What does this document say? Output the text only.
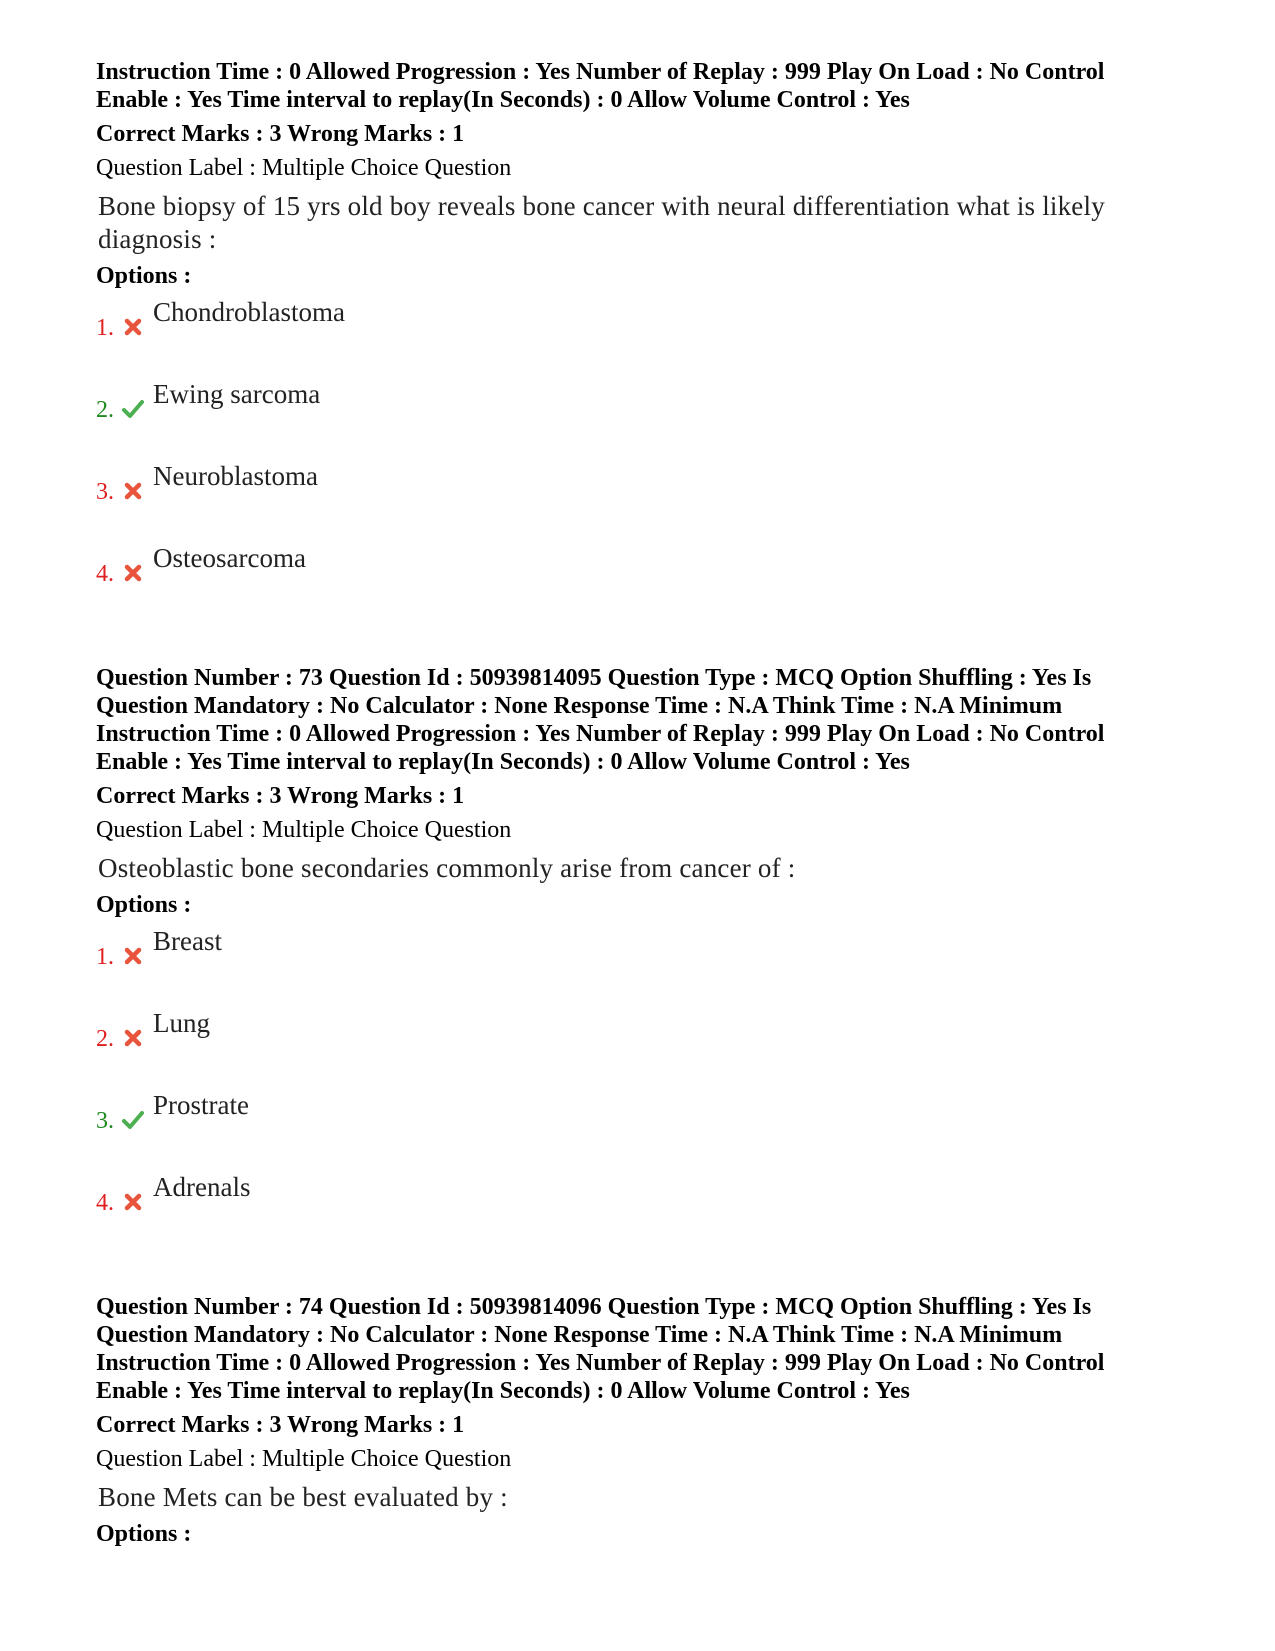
Instruction Time : 0 Allowed Progression : Yes Number of Replay : 999 Play On Load : No Control

Enable : Yes Time interval to replay(In Seconds) : 0 Allow Volume Control : Yes

Correct Marks : 3 Wrong Marks : 1

Question Label : Multiple Choice Question

Bone biopsy of 15 yrs old boy reveals bone cancer with neural differentiation what is likely diagnosis :

Options :

1.
Chondroblastoma
2.
Ewing sarcoma
3.
Neuroblastoma
4.
Osteosarcoma

Question Number : 73 Question Id : 50939814095 Question Type : MCQ Option Shuffling : Yes Is

Question Mandatory : No Calculator : None Response Time : N.A Think Time : N.A Minimum

Instruction Time : 0 Allowed Progression : Yes Number of Replay : 999 Play On Load : No Control

Enable : Yes Time interval to replay(In Seconds) : 0 Allow Volume Control : Yes

Correct Marks : 3 Wrong Marks : 1

Question Label : Multiple Choice Question

Osteoblastic bone secondaries commonly arise from cancer of :

Options :

1.
Breast
2.
Lung
3.
Prostrate
4.
Adrenals

Question Number : 74 Question Id : 50939814096 Question Type : MCQ Option Shuffling : Yes Is

Question Mandatory : No Calculator : None Response Time : N.A Think Time : N.A Minimum

Instruction Time : 0 Allowed Progression : Yes Number of Replay : 999 Play On Load : No Control

Enable : Yes Time interval to replay(In Seconds) : 0 Allow Volume Control : Yes

Correct Marks : 3 Wrong Marks : 1

Question Label : Multiple Choice Question

Bone Mets can be best evaluated by :

Options :
